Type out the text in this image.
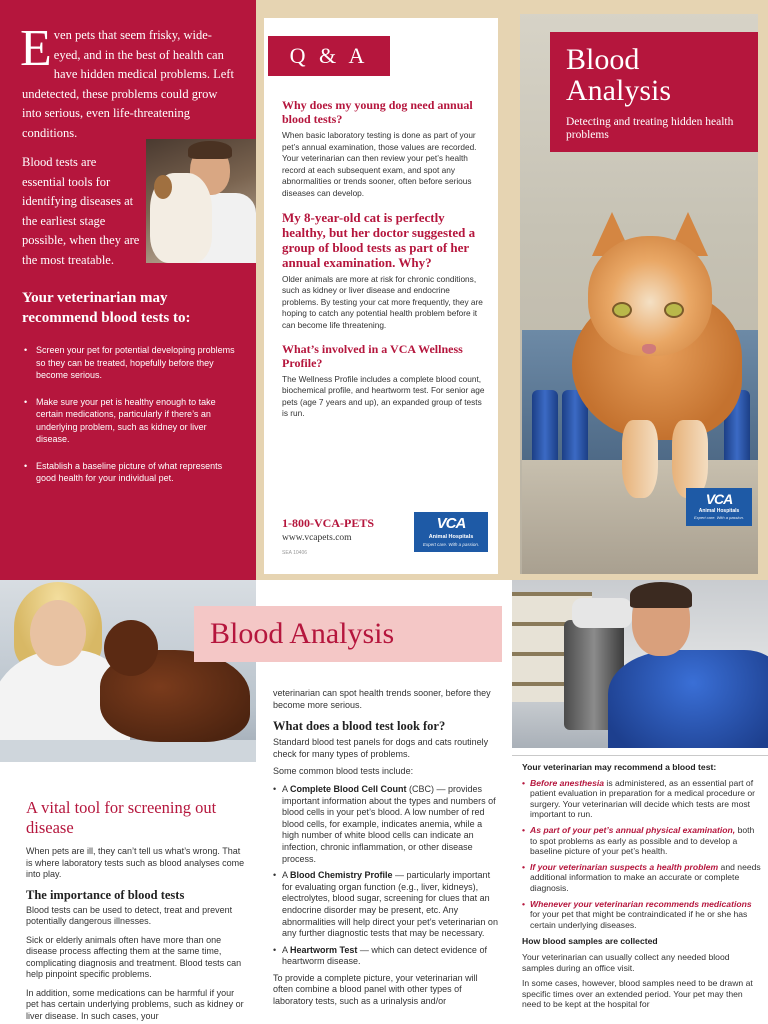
Even pets that seem frisky, wide-eyed, and in the best of health can have hidden medical problems. Left undetected, these problems could grow into serious, even life-threatening conditions.
Blood tests are essential tools for identifying diseases at the earliest stage possible, when they are the most treatable.
Your veterinarian may recommend blood tests to:
• Screen your pet for potential developing problems so they can be treated, hopefully before they become serious.
• Make sure your pet is healthy enough to take certain medications, particularly if there’s an underlying problem, such as kidney or liver disease.
• Establish a baseline picture of what represents good health for your individual pet.
Why does my young dog need annual blood tests?
When basic laboratory testing is done as part of your pet’s annual examination, those values are recorded. Your veterinarian can then review your pet’s health record at each subsequent exam, and spot any abnormalities or trends sooner, often before serious diseases can develop.
My 8-year-old cat is perfectly healthy, but her doctor suggested a group of blood tests as part of her annual examination. Why?
Older animals are more at risk for chronic conditions, such as kidney or liver disease and endocrine problems. By testing your cat more frequently, they are hoping to catch any potential health problem before it can become life threatening.
What’s involved in a VCA Wellness Profile?
The Wellness Profile includes a complete blood count, biochemical profile, and heartworm test. For senior age pets (age 7 years and up), an expanded group of tests is run.
1-800-VCA-PETS
www.vcapets.com
SEA 10406
VCA
Animal Hospitals
Expert care. With a passion.
Q & A	Blood
Analysis
Detecting and treating hidden health problems
VCA
Animal Hospitals
Expert care. With a passion.
A vital tool for screening out disease

When pets are ill, they can’t tell us what’s wrong. That is where laboratory tests such as blood analyses come into play.

The importance of blood tests

Blood tests can be used to detect, treat and prevent potentially dangerous illnesses.

Sick or elderly animals often have more than one disease process affecting them at the same time, complicating diagnosis and treatment. Blood tests can help pinpoint specific problems.

In addition, some medications can be harmful if your pet has certain underlying problems, such as kidney or liver disease. In such cases, your

Blood Analysis

veterinarian can spot health trends sooner, before they become more serious.

What does a blood test look for?

Standard blood test panels for dogs and cats routinely check for many types of problems.

Some common blood tests include:

• A Complete Blood Cell Count (CBC) — provides important information about the types and numbers of blood cells in your pet’s blood. A low number of red blood cells, for example, indicates anemia, while a high number of white blood cells can indicate an infection, chronic inflammation, or other disease process.
• A Blood Chemistry Profile — particularly important for evaluating organ function (e.g., liver, kidneys), electrolytes, blood sugar, screening for clues that an endocrine disorder may be present, etc. Any abnormalities will help direct your pet’s veterinarian on any further diagnostic tests that may be necessary.
• A Heartworm Test — which can detect evidence of heartworm disease.

To provide a complete picture, your veterinarian will often combine a blood panel with other types of laboratory tests, such as a urinalysis and/or

Your veterinarian may recommend a blood test:
• Before anesthesia is administered, as an essential part of patient evaluation in preparation for a medical procedure or surgery. Your veterinarian will decide which tests are most important to run.
• As part of your pet’s annual physical examination, both to spot problems as early as possible and to develop a baseline picture of your pet’s health.
• If your veterinarian suspects a health problem and needs additional information to make an accurate or complete diagnosis.
• Whenever your veterinarian recommends medications for your pet that might be contraindicated if he or she has certain underlying diseases.
How blood samples are collected

Your veterinarian can usually collect any needed blood samples during an office visit.

In some cases, however, blood samples need to be drawn at specific times over an extended period. Your pet may then need to be kept at the hospital for
